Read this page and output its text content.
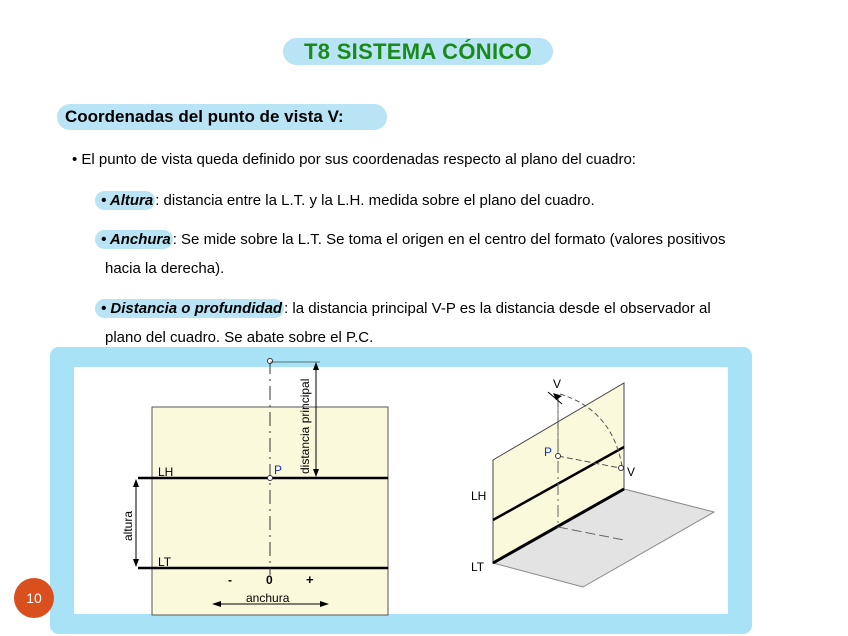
T8 SISTEMA CÓNICO
Coordenadas del punto de vista V:
• El punto de vista queda definido por sus coordenadas respecto al plano del cuadro:
• Altura : distancia entre la L.T. y la L.H. medida sobre el plano del cuadro.
• Anchura : Se mide sobre la L.T. Se toma el origen en el centro del formato (valores positivos
hacia la derecha).
• Distancia o profundidad : la distancia principal V-P es la distancia desde el observador al
plano del cuadro. Se abate sobre el P.C.
LH
LT
P distancia principal
altura
-	0	+
anchura
V
V
P
LH
LT
10
